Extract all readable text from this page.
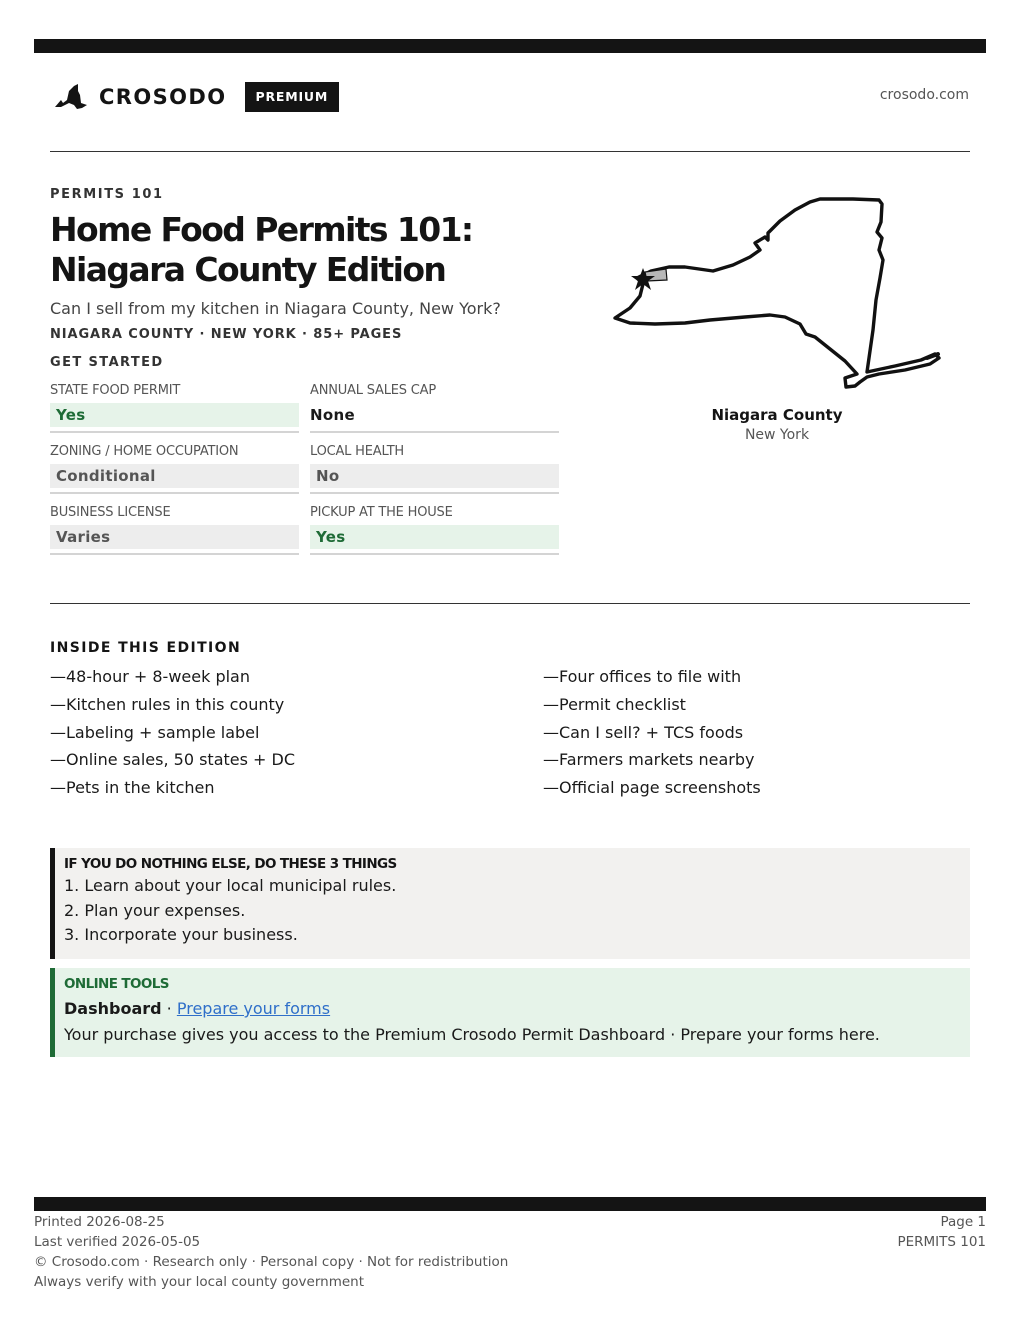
CROSODO	PREMIUM	crosodo.com
PERMITS 101
Home Food Permits 101: Niagara County Edition
Can I sell from my kitchen in Niagara County, New York?
NIAGARA COUNTY · NEW YORK · 85+ PAGES
GET STARTED
STATE FOOD PERMIT
Yes
ANNUAL SALES CAP
None
ZONING / HOME OCCUPATION
Conditional
LOCAL HEALTH
No
BUSINESS LICENSE
Varies
PICKUP AT THE HOUSE
Yes
Niagara County
New York
INSIDE THIS EDITION
—48-hour + 8-week plan
—Kitchen rules in this county
—Labeling + sample label
—Online sales, 50 states + DC
—Pets in the kitchen
—Four offices to file with
—Permit checklist
—Can I sell? + TCS foods
—Farmers markets nearby
—Official page screenshots
IF YOU DO NOTHING ELSE, DO THESE 3 THINGS
1. Learn about your local municipal rules.
2. Plan your expenses.
3. Incorporate your business.
ONLINE TOOLS
Dashboard · Prepare your forms
Your purchase gives you access to the Premium Crosodo Permit Dashboard · Prepare your forms here.
Printed 2026-08-25
Last verified 2026-05-05
© Crosodo.com · Research only · Personal copy · Not for redistribution
Always verify with your local county government
Page 1
PERMITS 101
